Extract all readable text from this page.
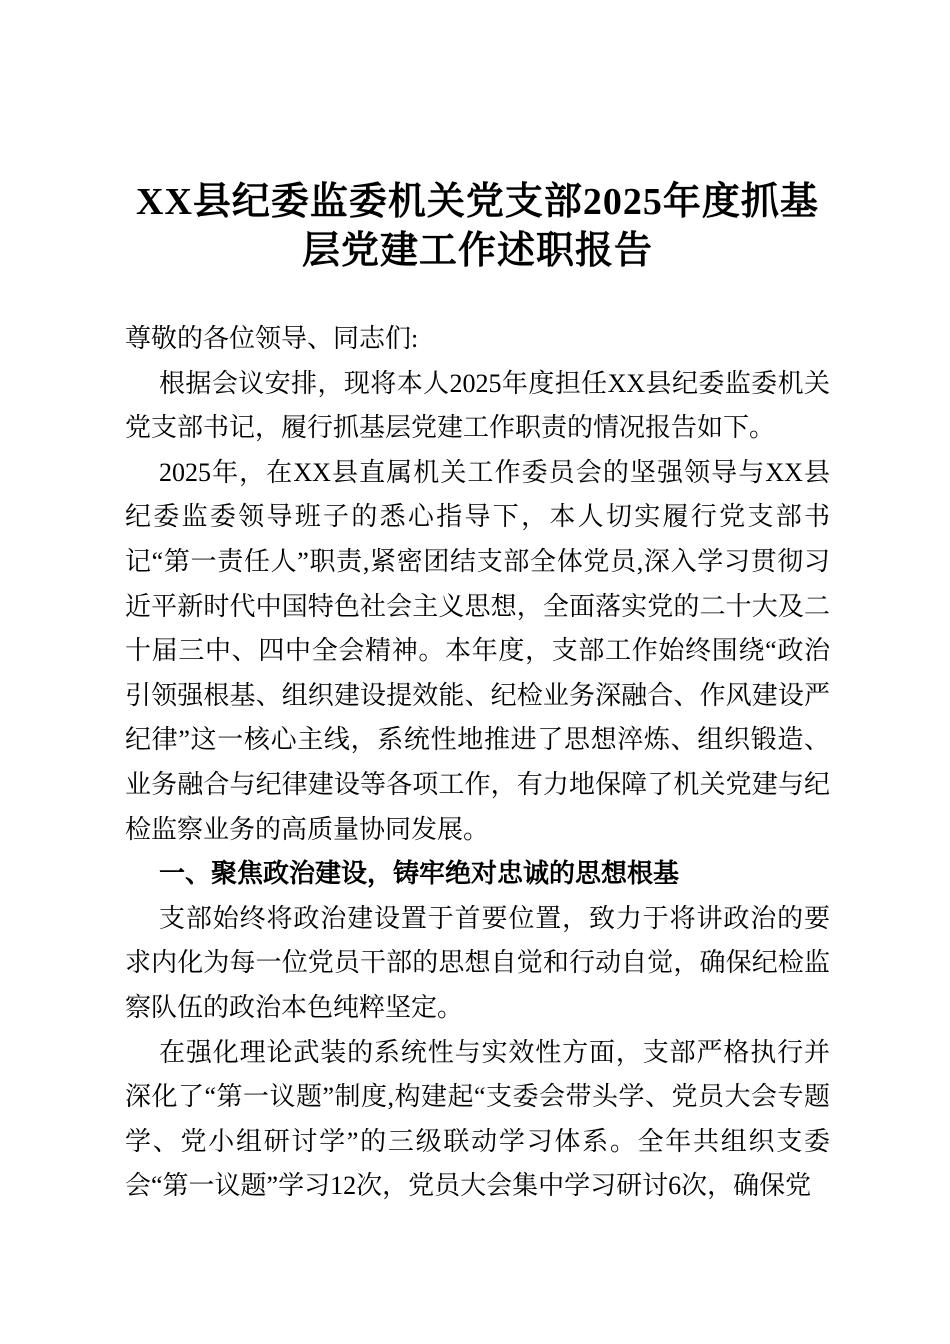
XX县纪委监委机关党支部2025年度抓基
层党建工作述职报告

尊敬的各位领导、同志们:

根据会议安排，现将本人2025年度担任XX县纪委监委机关党支部书记，履行抓基层党建工作职责的情况报告如下。

2025年，在XX县直属机关工作委员会的坚强领导与XX县纪委监委领导班子的悉心指导下，本人切实履行党支部书记“第一责任人”职责,紧密团结支部全体党员,深入学习贯彻习近平新时代中国特色社会主义思想，全面落实党的二十大及二十届三中、四中全会精神。本年度，支部工作始终围绕“政治引领强根基、组织建设提效能、纪检业务深融合、作风建设严纪律”这一核心主线，系统性地推进了思想淬炼、组织锻造、业务融合与纪律建设等各项工作，有力地保障了机关党建与纪检监察业务的高质量协同发展。

一、聚焦政治建设，铸牢绝对忠诚的思想根基

支部始终将政治建设置于首要位置，致力于将讲政治的要求内化为每一位党员干部的思想自觉和行动自觉，确保纪检监察队伍的政治本色纯粹坚定。

在强化理论武装的系统性与实效性方面，支部严格执行并深化了“第一议题”制度,构建起“支委会带头学、党员大会专题学、党小组研讨学”的三级联动学习体系。全年共组织支委会“第一议题”学习12次，党员大会集中学习研讨6次，确保党
